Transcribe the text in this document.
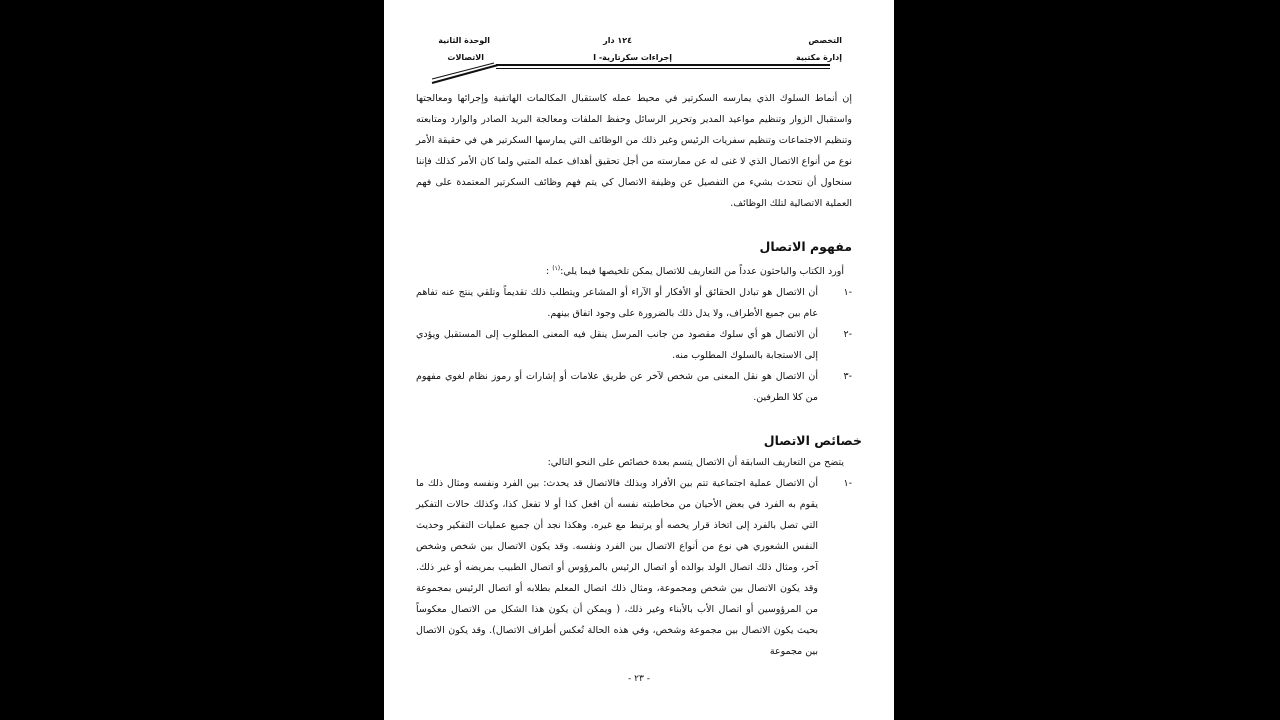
التخصص
إدارة مكتبية
١٢٤ دار
إجراءات سكرتارية- I
الوحدة الثانية
الاتصالات

إن أنماط السلوك الذي يمارسه السكرتير في محيط عمله كاستقبال المكالمات الهاتفية وإجرائها ومعالجتها واستقبال الزوار وتنظيم مواعيد المدير وتحرير الرسائل وحفظ الملفات ومعالجة البريد الصادر والوارد ومتابعته وتنظيم الاجتماعات وتنظيم سفريات الرئيس وغير ذلك من الوظائف التي يمارسها السكرتير هي في حقيقة الأمر نوع من أنواع الاتصال الذي لا غنى له عن ممارسته من أجل تحقيق أهداف عمله المتبي ولما كان الأمر كذلك فإننا سنحاول أن نتحدث بشيء من التفصيل عن وظيفة الاتصال كي يتم فهم وظائف السكرتير المعتمدة على فهم العملية الاتصالية لتلك الوظائف.

مفهوم الاتصال

أورد الكتاب والباحثون عدداً من التعاريف للاتصال يمكن تلخيصها فيما يلي:$^{(١)}$ :

-١
أن الاتصال هو تبادل الحقائق أو الأفكار أو الآراء أو المشاعر ويتطلب ذلك تقديماً وتلقي ينتج عنه تفاهم عام بين جميع الأطراف، ولا يدل ذلك بالضرورة على وجود اتفاق بينهم.
-٢
أن الاتصال هو أي سلوك مقصود من جانب المرسل ينقل فيه المعنى المطلوب إلى المستقبل ويؤدي إلى الاستجابة بالسلوك المطلوب منه.
-٣
أن الاتصال هو نقل المعنى من شخص لآخر عن طريق علامات أو إشارات أو رموز نظام لغوي مفهوم من كلا الطرفين.

خصائص الاتصال

يتضح من التعاريف السابقة أن الاتصال يتسم بعدة خصائص على النحو التالي:

-١
أن الاتصال عملية اجتماعية تتم بين الأفراد وبذلك فالاتصال قد يحدث: بين الفرد ونفسه ومثال ذلك ما يقوم به الفرد في بعض الأحيان من مخاطبته نفسه أن افعل كذا أو لا تفعل كذا، وكذلك حالات التفكير التي تصل بالفرد إلى اتخاذ قرار يخصه أو يرتبط مع غيره. وهكذا نجد أن جميع عمليات التفكير وحديث النفس الشعوري هي نوع من أنواع الاتصال بين الفرد ونفسه. وقد يكون الاتصال بين شخص وشخص آخر، ومثال ذلك اتصال الولد بوالده أو اتصال الرئيس بالمرؤوس أو اتصال الطبيب بمريضه أو غير ذلك. وقد يكون الاتصال بين شخص ومجموعة، ومثال ذلك اتصال المعلم بطلابه أو اتصال الرئيس بمجموعة من المرؤوسين أو اتصال الأب بالأبناء وغير ذلك، ( ويمكن أن يكون هذا الشكل من الاتصال معكوساً بحيث يكون الاتصال بين مجموعة وشخص، وفي هذه الحالة تُعكس أطراف الاتصال). وقد يكون الاتصال بين مجموعة
- ٢٣ -
